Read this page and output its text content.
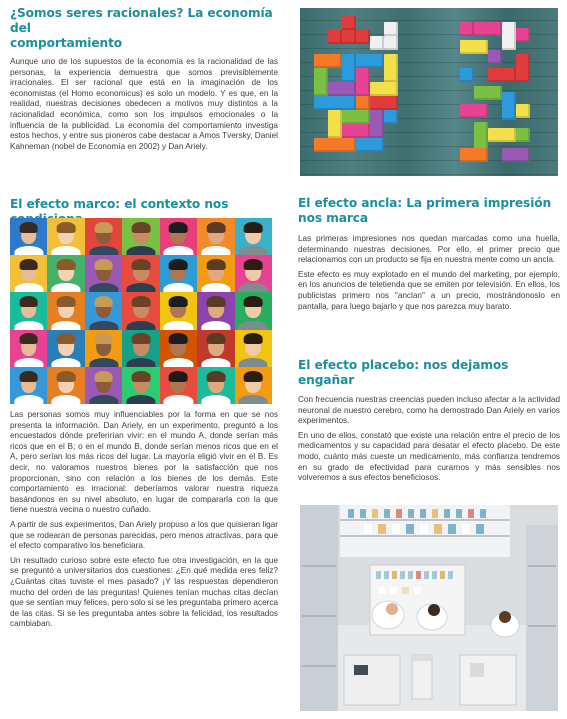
¿Somos seres racionales? La economía del
comportamiento

Aunque uno de los supuestos de la economía es la racionalidad de las personas, la experiencia demuestra que somos previsiblemente irracionales. El ser racional que está en la imaginación de los economistas (el Homo economicus) es solo un modelo. Y es que, en la realidad, nuestras decisiones obedecen a motivos muy distintos a la racionalidad económica, como son los impulsos emocionales o la influencia de la publicidad. La economía del comportamiento investiga estos hechos, y entre sus pioneros cabe destacar a Amos Tversky, Daniel Kahneman (nobel de Economía en 2002) y Dan Ariely.

El efecto marco: el contexto nos

Las personas somos muy influenciables por la forma en que se nos presenta la información. Dan Ariely, en un experimento, preguntó a los encuestados dónde preferirían vivir: en el mundo A, donde serían más ricos que en el B; o en el mundo B, donde serían menos ricos que en el A, pero serían los más ricos del lugar. La mayoría eligió vivir en el B. Es decir, no valoramos nuestros bienes por la satisfacción que nos proporcionan, sino con relación a los bienes de los demás. Este comportamiento es irracional: deberíamos valorar nuestra riqueza basándonos en su nivel absoluto, en lugar de compararla con la que tiene nuestra vecina o nuestro cuñado.

A partir de sus experimentos, Dan Ariely propuso a los que quisieran ligar que se rodearan de personas parecidas, pero menos atractivas, para que el efecto comparativo los beneficiara.

Un resultado curioso sobre este efecto fue otra investigación, en la que se preguntó a universitarios dos cuestiones: ¿En qué medida eres feliz? ¿Cuántas citas tuviste el mes pasado? ¡Y las respuestas dependieron mucho del orden de las preguntas! Quienes tenían muchas citas decían que se sentían muy felices, pero solo si se les preguntaba primero acerca de las citas. Si se les preguntaba antes sobre la felicidad, los resultados cambiaban.

El efecto ancla: La primera impresión
nos marca

Las primeras impresiones nos quedan marcadas como una huella, determinando nuestras decisiones. Por ello, el primer precio que relacionamos con un producto se fija en nuestra mente como un ancla.

Este efecto es muy explotado en el mundo del marketing, por ejemplo, en los anuncios de teletienda que se emiten por televisión. En ellos, los publicistas primero nos "anclan" a un precio, mostrándonoslo en pantalla, para luego bajarlo y que nos parezca muy barato.

El efecto placebo: nos dejamos engañar

Con frecuencia nuestras creencias pueden incluso afectar a la actividad neuronal de nuestro cerebro, como ha demostrado Dan Ariely en varios experimentos.

En uno de ellos, constató que existe una relación entre el precio de los medicamentos y su capacidad para desatar el efecto placebo. De este modo, cuánto más cueste un medicamento, más confianza tendremos en su grado de efectividad para curarnos y más sensibles nos volveremos a sus efectos beneficiosos.
